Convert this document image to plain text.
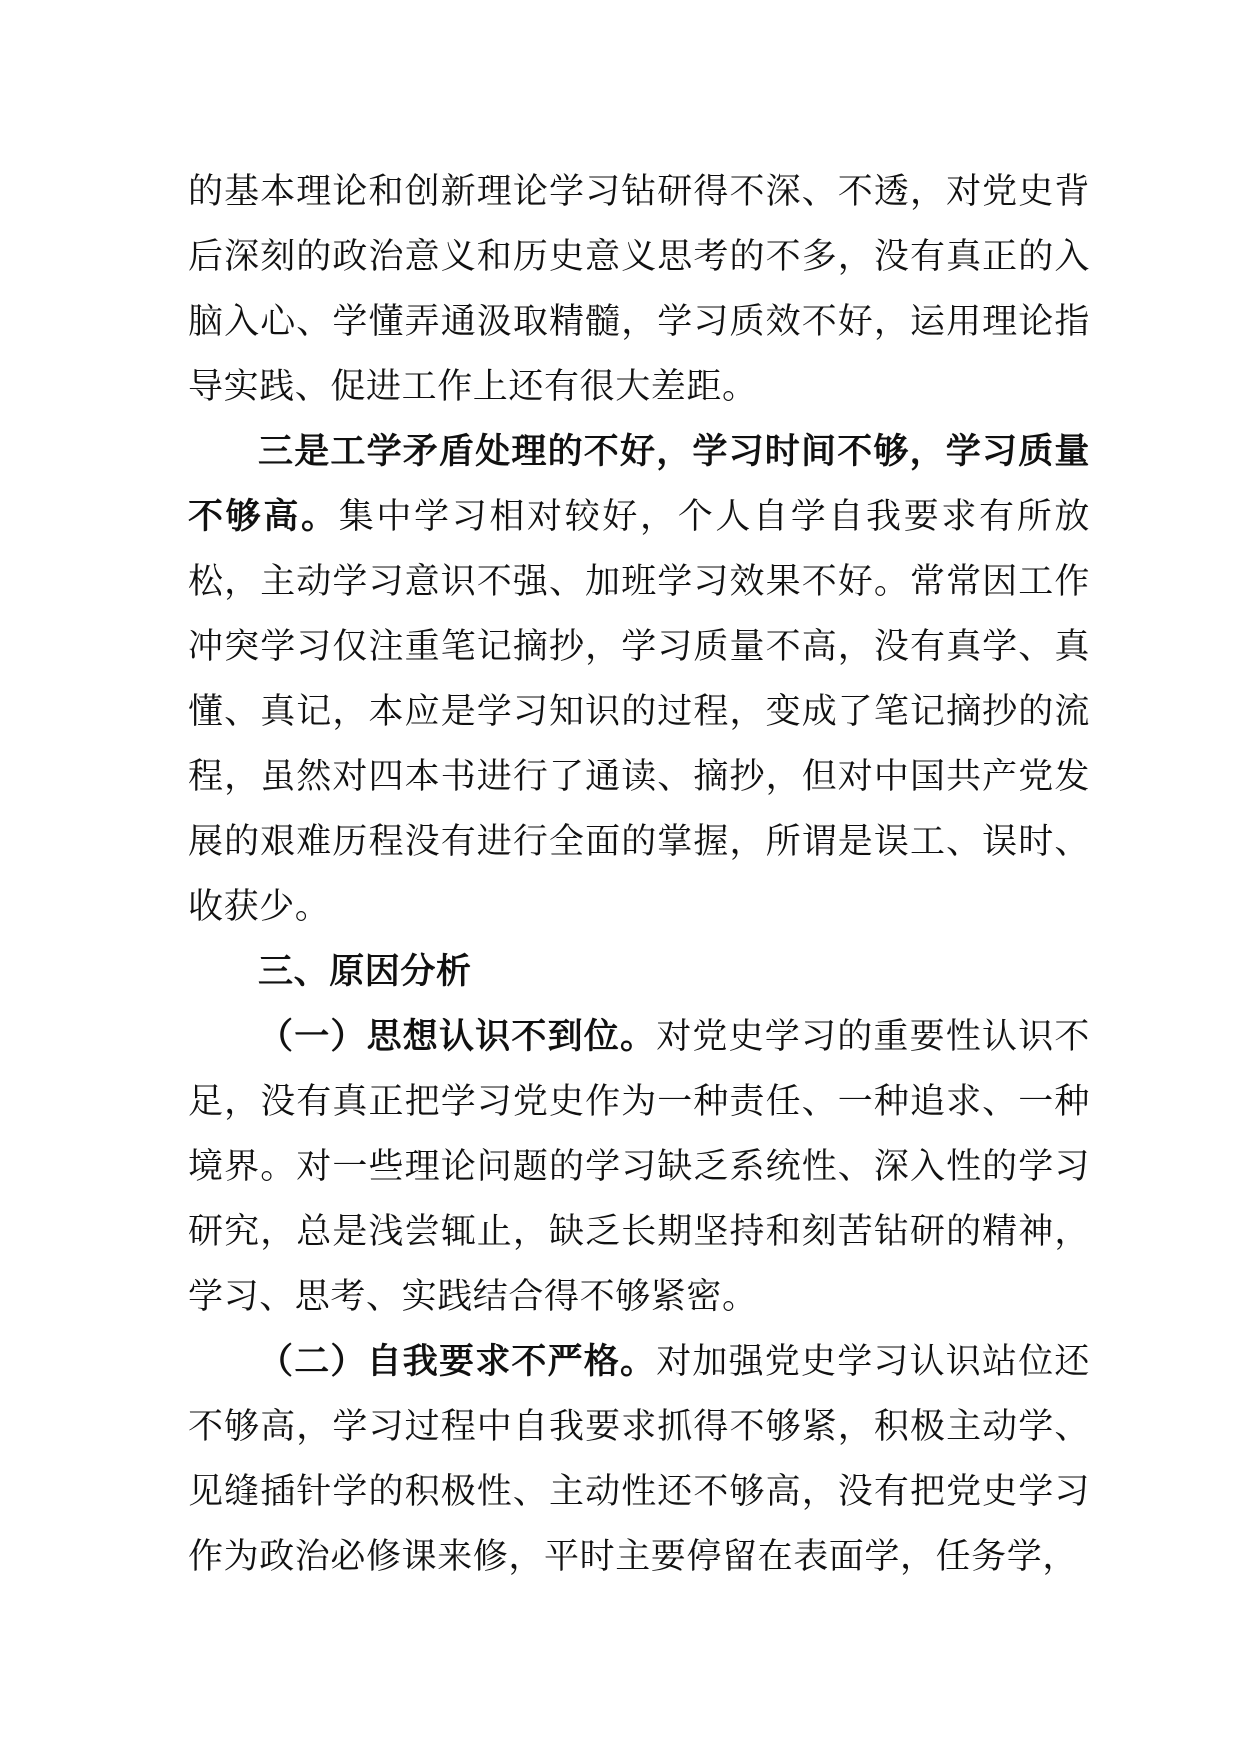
的基本理论和创新理论学习钻研得不深、不透，对党史背后深刻的政治意义和历史意义思考的不多，没有真正的入脑入心、学懂弄通汲取精髓，学习质效不好，运用理论指导实践、促进工作上还有很大差距。

三是工学矛盾处理的不好，学习时间不够，学习质量不够高。集中学习相对较好，个人自学自我要求有所放松，主动学习意识不强、加班学习效果不好。常常因工作冲突学习仅注重笔记摘抄，学习质量不高，没有真学、真懂、真记，本应是学习知识的过程，变成了笔记摘抄的流程，虽然对四本书进行了通读、摘抄，但对中国共产党发展的艰难历程没有进行全面的掌握，所谓是误工、误时、收获少。

三、原因分析

（一）思想认识不到位。对党史学习的重要性认识不足，没有真正把学习党史作为一种责任、一种追求、一种境界。对一些理论问题的学习缺乏系统性、深入性的学习研究，总是浅尝辄止，缺乏长期坚持和刻苦钻研的精神，学习、思考、实践结合得不够紧密。

（二）自我要求不严格。对加强党史学习认识站位还不够高，学习过程中自我要求抓得不够紧，积极主动学、见缝插针学的积极性、主动性还不够高，没有把党史学习作为政治必修课来修，平时主要停留在表面学，任务学，
